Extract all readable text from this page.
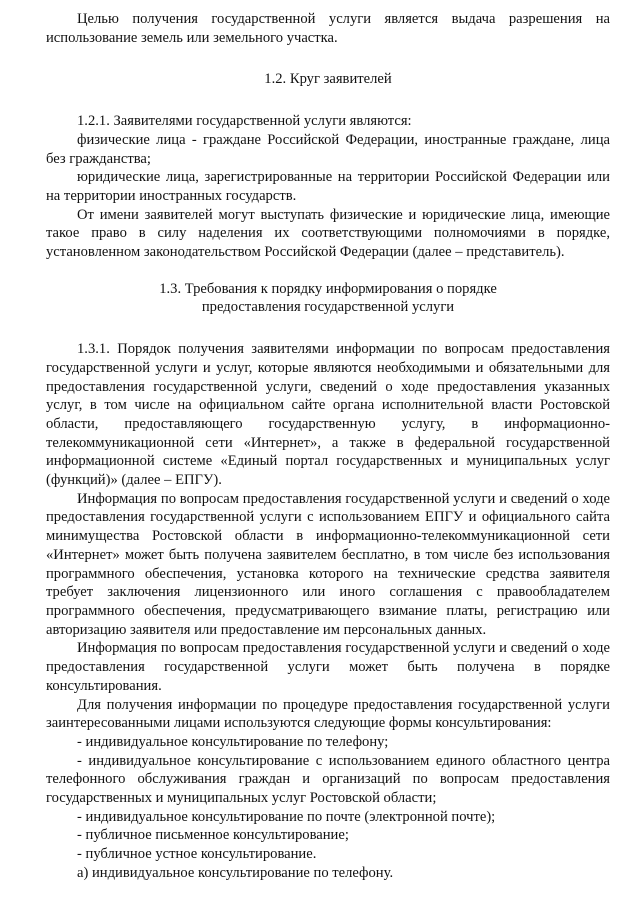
Целью получения государственной услуги является выдача разрешения на использование земель или земельного участка.

1.2. Круг заявителей

1.2.1. Заявителями государственной услуги являются:

физические лица - граждане Российской Федерации, иностранные граждане, лица без гражданства;

юридические лица, зарегистрированные на территории Российской Федерации или на территории иностранных государств.

От имени заявителей могут выступать физические и юридические лица, имеющие такое право в силу наделения их соответствующими полномочиями в порядке, установленном законодательством Российской Федерации (далее – представитель).

1.3. Требования к порядку информирования о порядке

предоставления государственной услуги

1.3.1. Порядок получения заявителями информации по вопросам предоставления государственной услуги и услуг, которые являются необходимыми и обязательными для предоставления государственной услуги, сведений о ходе предоставления указанных услуг, в том числе на официальном сайте органа исполнительной власти Ростовской области, предоставляющего государственную услугу, в информационно-телекоммуникационной сети «Интернет», а также в федеральной государственной информационной системе «Единый портал государственных и муниципальных услуг (функций)» (далее – ЕПГУ).

Информация по вопросам предоставления государственной услуги и сведений о ходе предоставления государственной услуги с использованием ЕПГУ и официального сайта минимущества Ростовской области в информационно-телекоммуникационной сети «Интернет» может быть получена заявителем бесплатно, в том числе без использования программного обеспечения, установка которого на технические средства заявителя требует заключения лицензионного или иного соглашения с правообладателем программного обеспечения, предусматривающего взимание платы, регистрацию или авторизацию заявителя или предоставление им персональных данных.

Информация по вопросам предоставления государственной услуги и сведений о ходе предоставления государственной услуги может быть получена в порядке консультирования.

Для получения информации по процедуре предоставления государственной услуги заинтересованными лицами используются следующие формы консультирования:

- индивидуальное консультирование по телефону;

- индивидуальное консультирование с использованием единого областного центра телефонного обслуживания граждан и организаций по вопросам предоставления государственных и муниципальных услуг Ростовской области;

- индивидуальное консультирование по почте (электронной почте);

- публичное письменное консультирование;

- публичное устное консультирование.

а) индивидуальное консультирование по телефону.
